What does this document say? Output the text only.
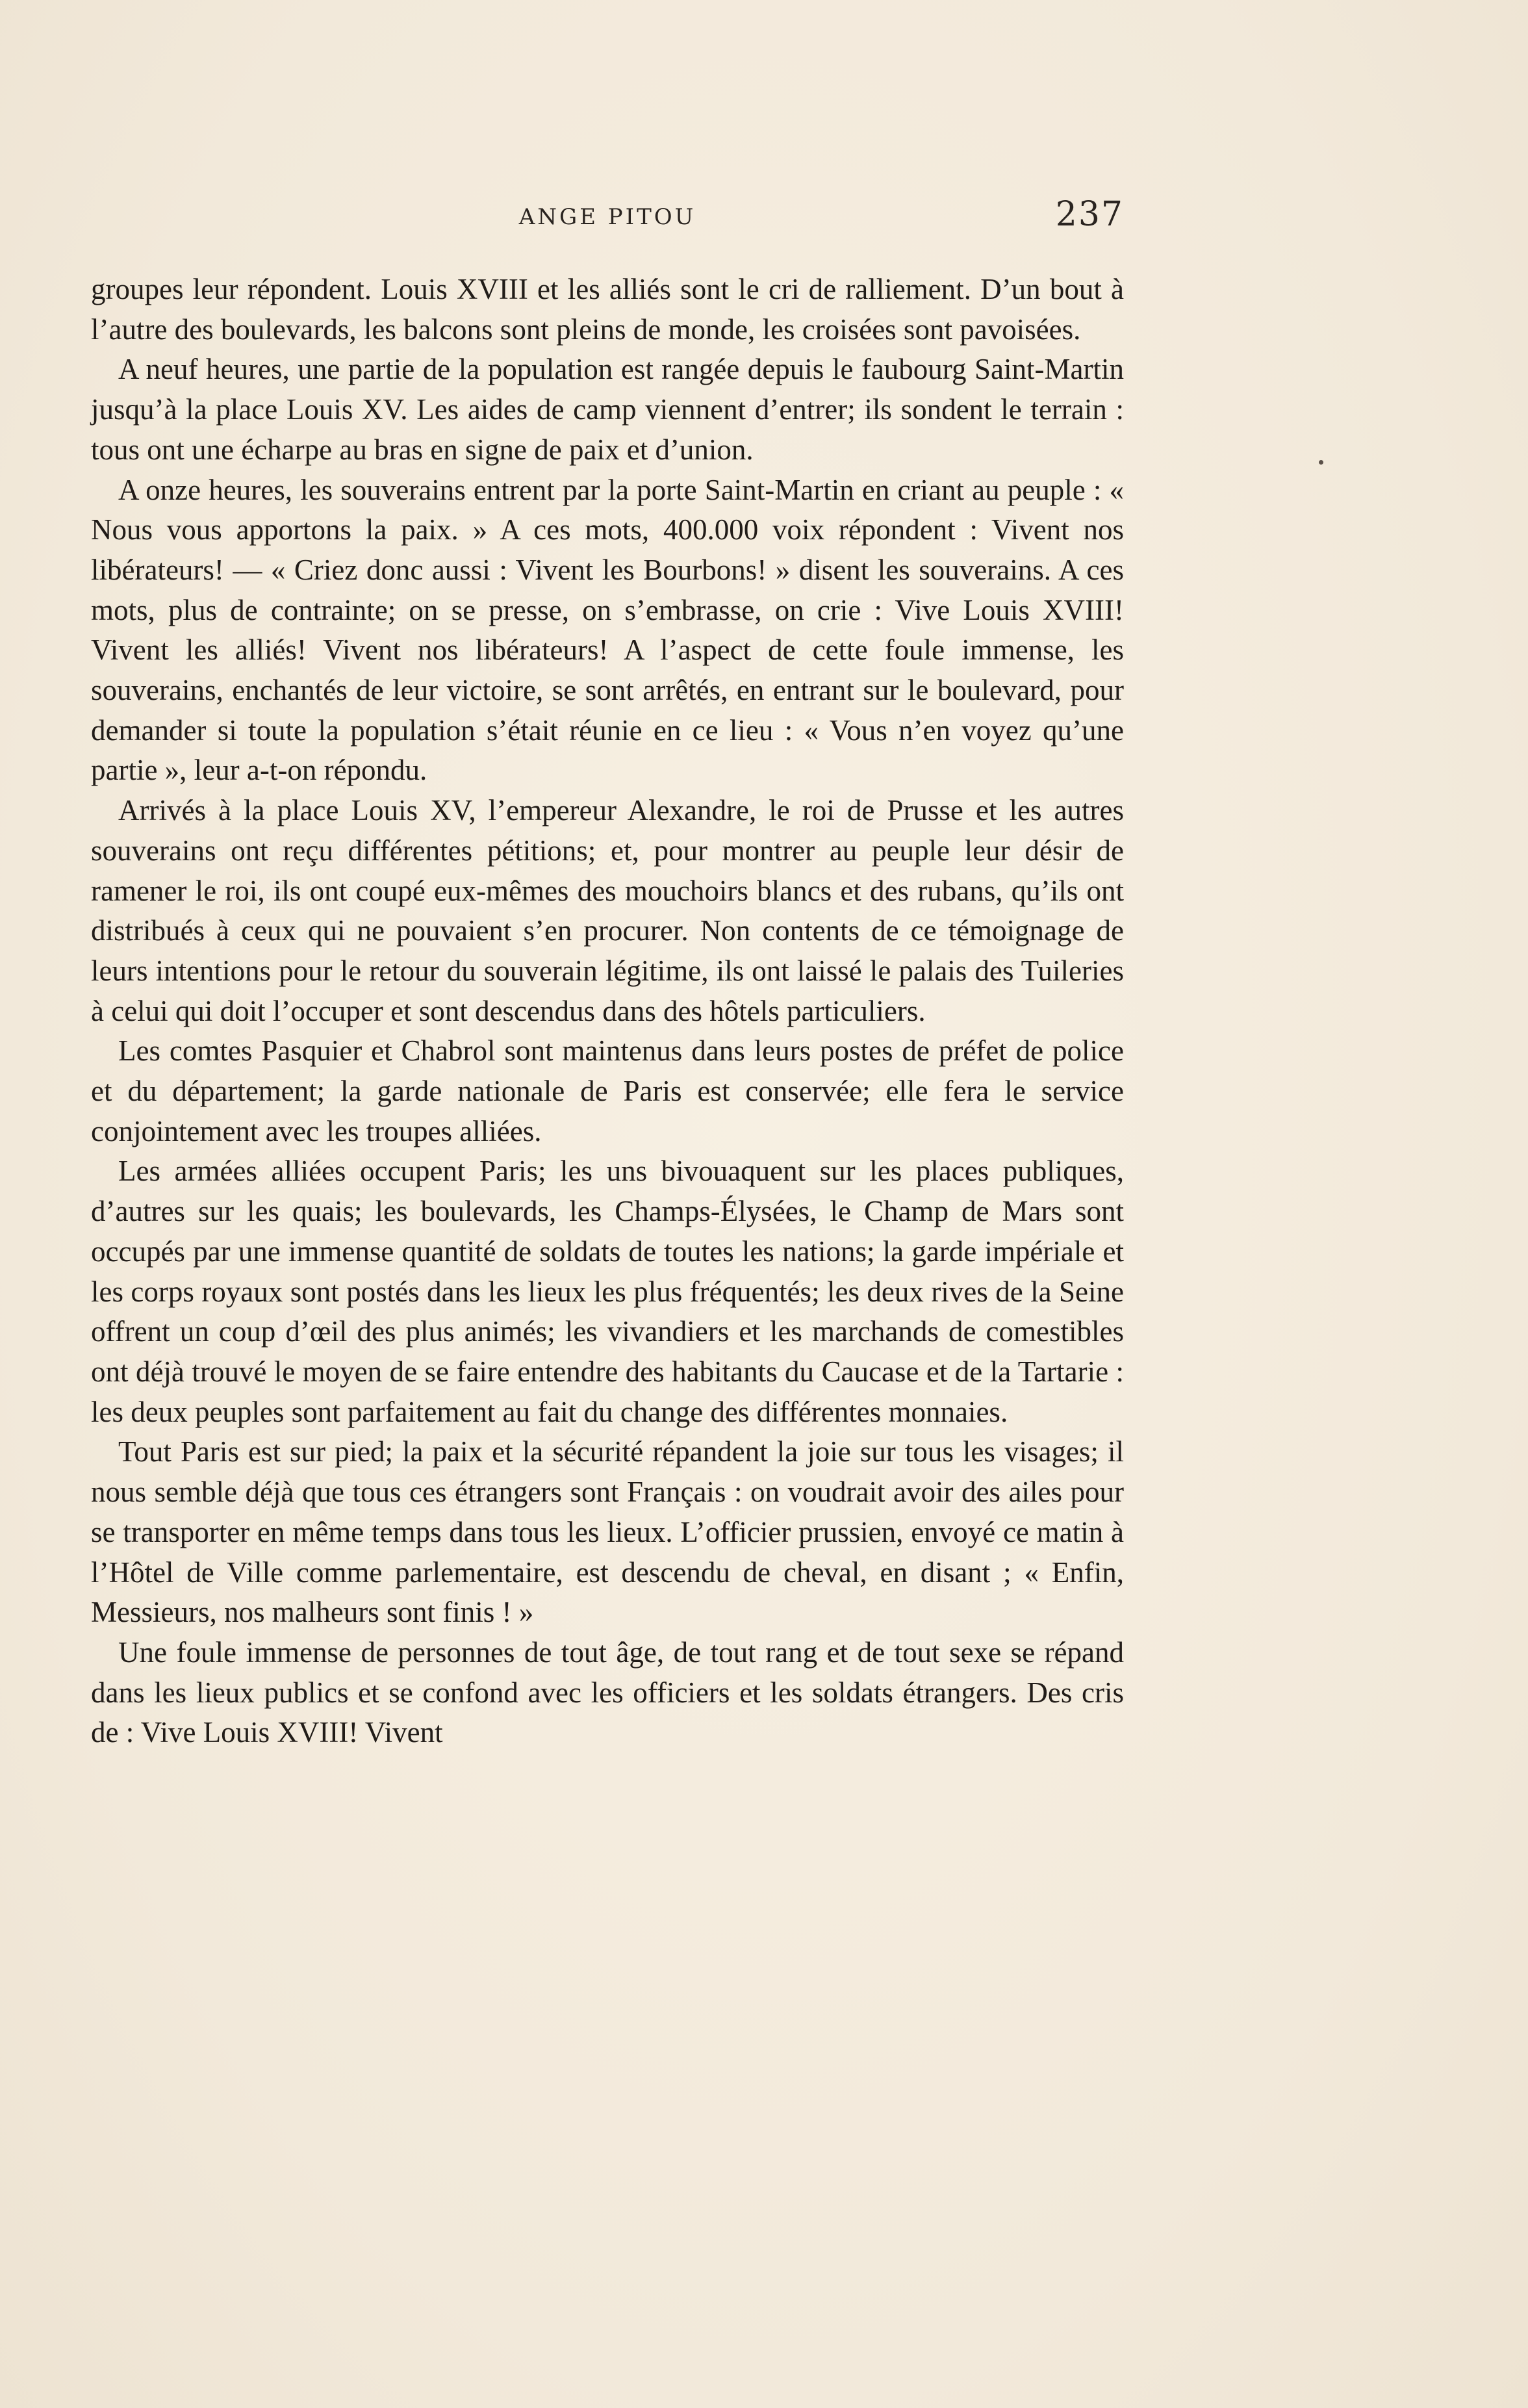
ANGE PITOU	237

groupes leur répondent. Louis XVIII et les alliés sont le cri de ralliement. D’un bout à l’autre des boulevards, les balcons sont pleins de monde, les croisées sont pavoisées.

A neuf heures, une partie de la population est rangée depuis le faubourg Saint-Martin jusqu’à la place Louis XV. Les aides de camp viennent d’entrer; ils sondent le terrain : tous ont une écharpe au bras en signe de paix et d’union.

A onze heures, les souverains entrent par la porte Saint-Martin en criant au peuple : « Nous vous apportons la paix. » A ces mots, 400.000 voix répondent : Vivent nos libérateurs! — « Criez donc aussi : Vivent les Bourbons! » disent les souverains. A ces mots, plus de contrainte; on se presse, on s’embrasse, on crie : Vive Louis XVIII! Vivent les alliés! Vivent nos libérateurs! A l’aspect de cette foule immense, les souverains, enchantés de leur victoire, se sont arrêtés, en entrant sur le boulevard, pour demander si toute la population s’était réunie en ce lieu : « Vous n’en voyez qu’une partie », leur a-t-on répondu.

Arrivés à la place Louis XV, l’empereur Alexandre, le roi de Prusse et les autres souverains ont reçu différentes pétitions; et, pour montrer au peuple leur désir de ramener le roi, ils ont coupé eux-mêmes des mouchoirs blancs et des rubans, qu’ils ont distribués à ceux qui ne pouvaient s’en procurer. Non contents de ce témoignage de leurs intentions pour le retour du souverain légitime, ils ont laissé le palais des Tuileries à celui qui doit l’occuper et sont descendus dans des hôtels particuliers.

Les comtes Pasquier et Chabrol sont maintenus dans leurs postes de préfet de police et du département; la garde nationale de Paris est conservée; elle fera le service conjointement avec les troupes alliées.

Les armées alliées occupent Paris; les uns bivouaquent sur les places publiques, d’autres sur les quais; les boulevards, les Champs-Élysées, le Champ de Mars sont occupés par une immense quantité de soldats de toutes les nations; la garde impériale et les corps royaux sont postés dans les lieux les plus fréquentés; les deux rives de la Seine offrent un coup d’œil des plus animés; les vivandiers et les marchands de comestibles ont déjà trouvé le moyen de se faire entendre des habitants du Caucase et de la Tartarie : les deux peuples sont parfaitement au fait du change des différentes monnaies.

Tout Paris est sur pied; la paix et la sécurité répandent la joie sur tous les visages; il nous semble déjà que tous ces étrangers sont Français : on voudrait avoir des ailes pour se transporter en même temps dans tous les lieux. L’officier prussien, envoyé ce matin à l’Hôtel de Ville comme parlementaire, est descendu de cheval, en disant ; « Enfin, Messieurs, nos malheurs sont finis ! »

Une foule immense de personnes de tout âge, de tout rang et de tout sexe se répand dans les lieux publics et se confond avec les officiers et les soldats étrangers. Des cris de : Vive Louis XVIII! Vivent
